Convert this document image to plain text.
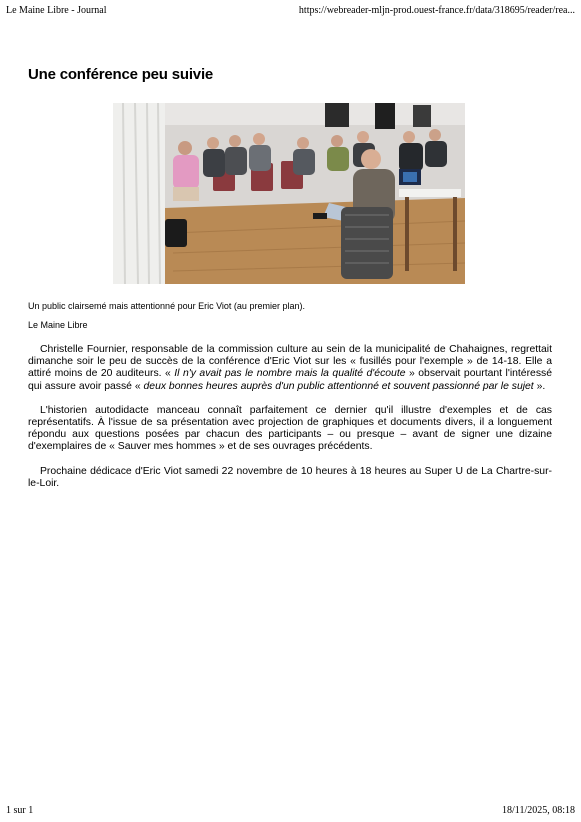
Le Maine Libre - Journal	https://webreader-mljn-prod.ouest-france.fr/data/318695/reader/rea...
Une conférence peu suivie

Un public clairsemé mais attentionné pour Eric Viot (au premier plan).

Le Maine Libre

Christelle Fournier, responsable de la commission culture au sein de la municipalité de Chahaignes, regrettait dimanche soir le peu de succès de la conférence d'Eric Viot sur les « fusillés pour l'exemple » de 14-18. Elle a attiré moins de 20 auditeurs. « Il n'y avait pas le nombre mais la qualité d'écoute » observait pourtant l'intéressé qui assure avoir passé « deux bonnes heures auprès d'un public attentionné et souvent passionné par le sujet ».

L'historien autodidacte manceau connaît parfaitement ce dernier qu'il illustre d'exemples et de cas représentatifs. À l'issue de sa présentation avec projection de graphiques et documents divers, il a longuement répondu aux questions posées par chacun des participants – ou presque – avant de signer une dizaine d'exemplaires de « Sauver mes hommes » et de ses ouvrages précédents.

Prochaine dédicace d'Eric Viot samedi 22 novembre de 10 heures à 18 heures au Super U de La Chartre-sur-le-Loir.

1 sur 1	18/11/2025, 08:18
